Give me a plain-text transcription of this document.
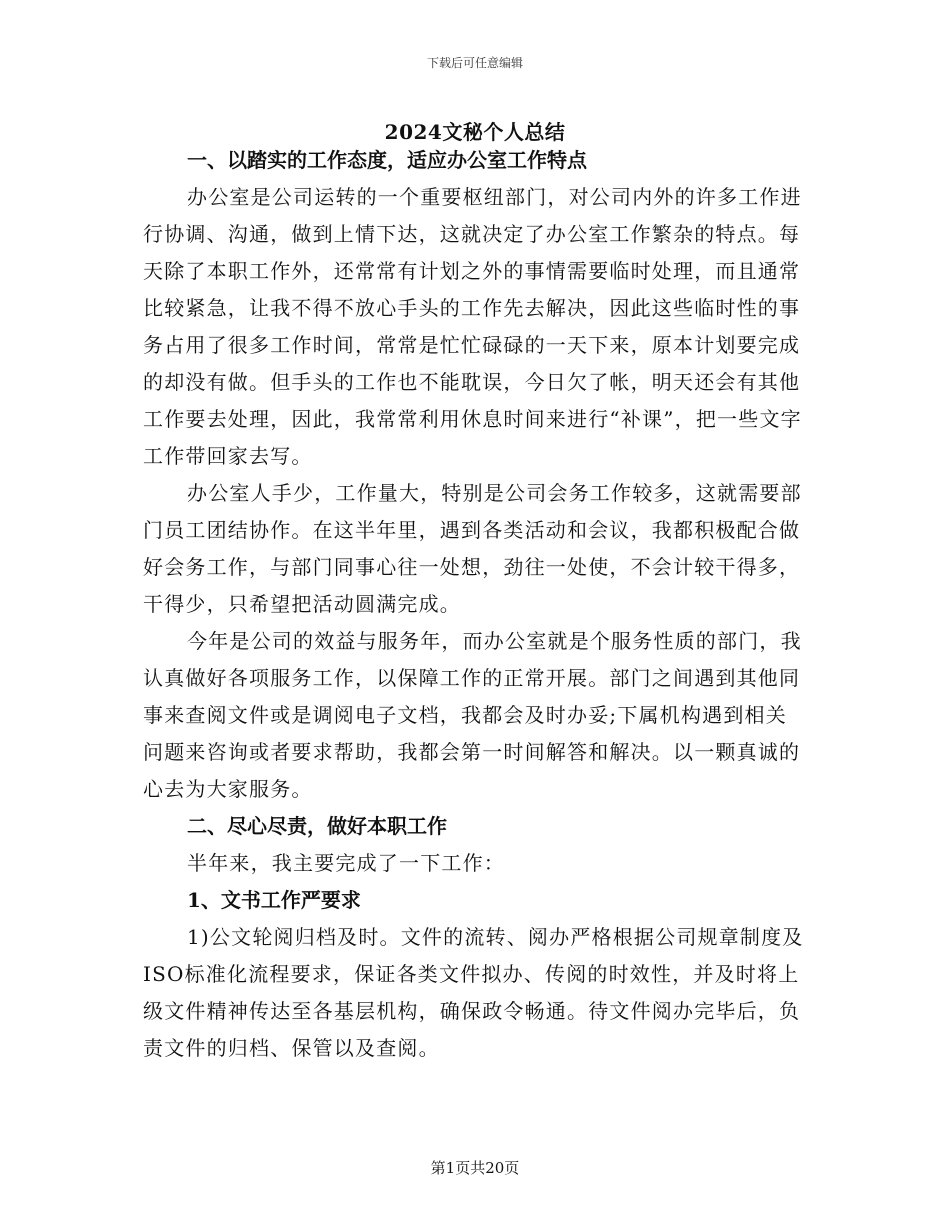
下载后可任意编辑
2024文秘个人总结

一、以踏实的工作态度，适应办公室工作特点

办公室是公司运转的一个重要枢纽部门，对公司内外的许多工作进行协调、沟通，做到上情下达，这就决定了办公室工作繁杂的特点。每天除了本职工作外，还常常有计划之外的事情需要临时处理，而且通常比较紧急，让我不得不放心手头的工作先去解决，因此这些临时性的事务占用了很多工作时间，常常是忙忙碌碌的一天下来，原本计划要完成的却没有做。但手头的工作也不能耽误，今日欠了帐，明天还会有其他工作要去处理，因此，我常常利用休息时间来进行“补课”，把一些文字工作带回家去写。

办公室人手少，工作量大，特别是公司会务工作较多，这就需要部门员工团结协作。在这半年里，遇到各类活动和会议，我都积极配合做好会务工作，与部门同事心往一处想，劲往一处使，不会计较干得多，干得少，只希望把活动圆满完成。

今年是公司的效益与服务年，而办公室就是个服务性质的部门，我认真做好各项服务工作，以保障工作的正常开展。部门之间遇到其他同事来查阅文件或是调阅电子文档，我都会及时办妥;下属机构遇到相关问题来咨询或者要求帮助，我都会第一时间解答和解决。以一颗真诚的心去为大家服务。

二、尽心尽责，做好本职工作

半年来，我主要完成了一下工作：

1、文书工作严要求

1)公文轮阅归档及时。文件的流转、阅办严格根据公司规章制度及ISO标准化流程要求，保证各类文件拟办、传阅的时效性，并及时将上级文件精神传达至各基层机构，确保政令畅通。待文件阅办完毕后，负责文件的归档、保管以及查阅。

第1页共20页
